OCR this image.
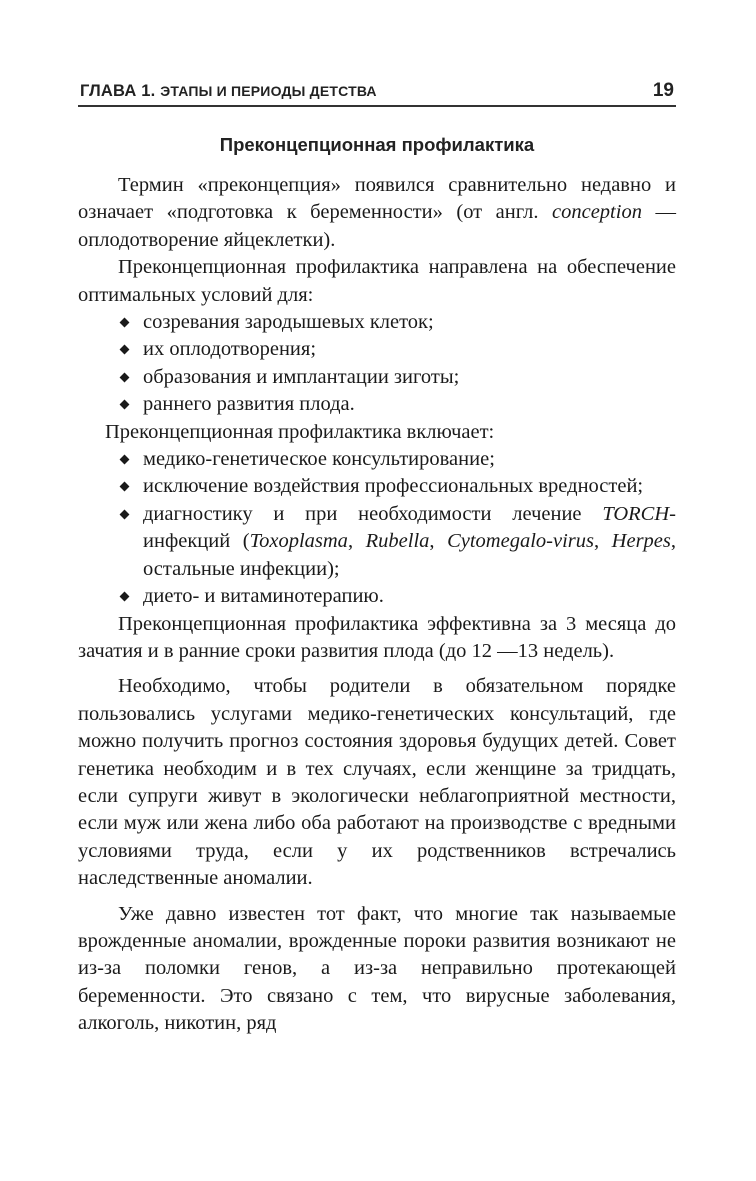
ГЛАВА 1. ЭТАПЫ И ПЕРИОДЫ ДЕТСТВА	19
Преконцепционная профилактика

Термин «преконцепция» появился сравнительно недавно и означает «подготовка к беременности» (от англ. conception — оплодотворение яйцеклетки).

Преконцепционная профилактика направлена на обеспечение оптимальных условий для:

созревания зародышевых клеток;
их оплодотворения;
образования и имплантации зиготы;
раннего развития плода.

Преконцепционная профилактика включает:

медико-генетическое консультирование;
исключение воздействия профессиональных вредностей;
диагностику и при необходимости лечение TORCH-инфекций (Toxoplasma, Rubella, Cytomegalo-virus, Herpes, остальные инфекции);
дието- и витаминотерапию.

Преконцепционная профилактика эффективна за 3 месяца до зачатия и в ранние сроки развития плода (до 12 —13 недель).

Необходимо, чтобы родители в обязательном порядке пользовались услугами медико-генетических консультаций, где можно получить прогноз состояния здоровья будущих детей. Совет генетика необходим и в тех случаях, если женщине за тридцать, если супруги живут в экологически неблагоприятной местности, если муж или жена либо оба работают на производстве с вредными условиями труда, если у их родственников встречались наследственные аномалии.

Уже давно известен тот факт, что многие так называемые врожденные аномалии, врожденные пороки развития возникают не из-за поломки генов, а из-за неправильно протекающей беременности. Это связано с тем, что вирусные заболевания, алкоголь, никотин, ряд
